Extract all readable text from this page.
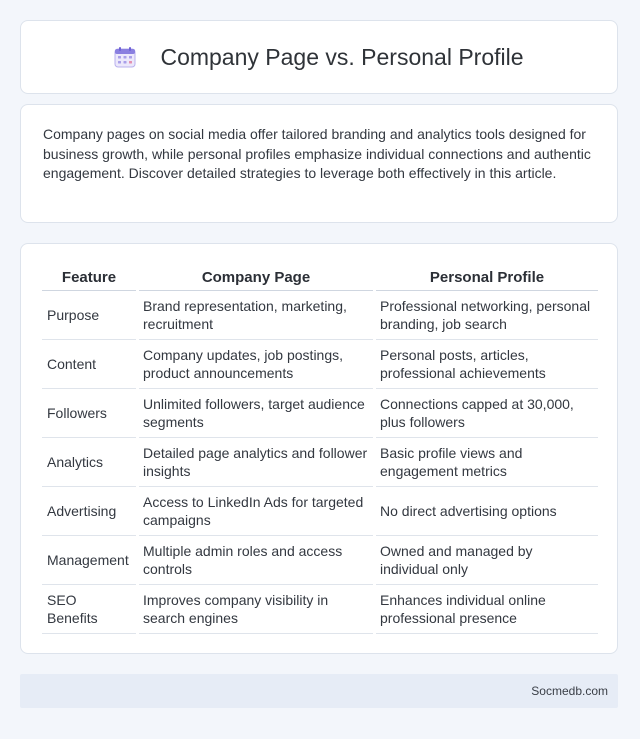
Company Page vs. Personal Profile

Company pages on social media offer tailored branding and analytics tools designed for business growth, while personal profiles emphasize individual connections and authentic engagement. Discover detailed strategies to leverage both effectively in this article.

Feature	Company Page	Personal Profile
Purpose	Brand representation, marketing, recruitment	Professional networking, personal branding, job search
Content	Company updates, job postings, product announcements	Personal posts, articles, professional achievements
Followers	Unlimited followers, target audience segments	Connections capped at 30,000, plus followers
Analytics	Detailed page analytics and follower insights	Basic profile views and engagement metrics
Advertising	Access to LinkedIn Ads for targeted campaigns	No direct advertising options
Management	Multiple admin roles and access controls	Owned and managed by individual only
SEO Benefits	Improves company visibility in search engines	Enhances individual online professional presence
Socmedb.com
